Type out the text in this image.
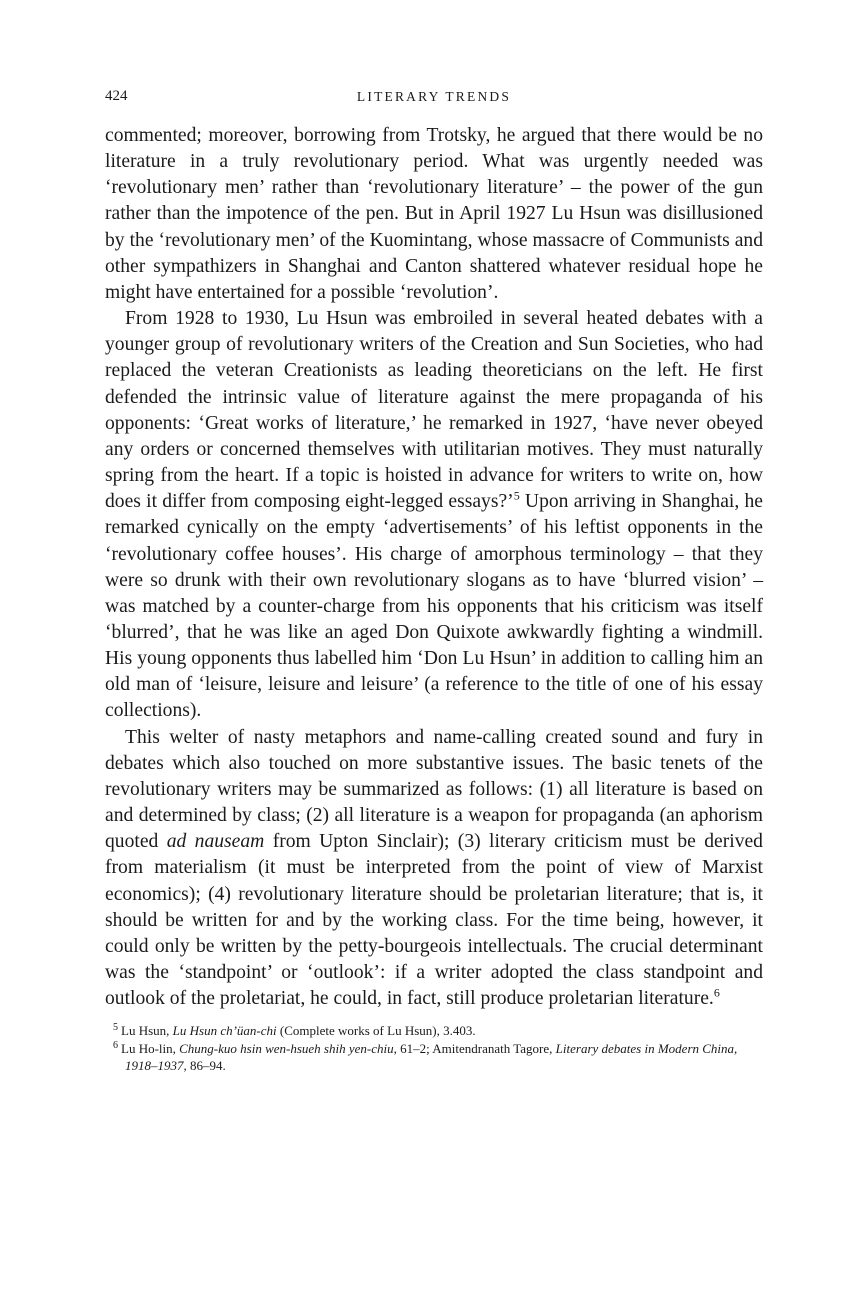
424	LITERARY TRENDS

commented; moreover, borrowing from Trotsky, he argued that there would be no literature in a truly revolutionary period. What was urgently needed was ‘revolutionary men’ rather than ‘revolutionary literature’ – the power of the gun rather than the impotence of the pen. But in April 1927 Lu Hsun was disillusioned by the ‘revolutionary men’ of the Kuomintang, whose massacre of Communists and other sympathizers in Shanghai and Canton shattered whatever residual hope he might have entertained for a possible ‘revolution’.

From 1928 to 1930, Lu Hsun was embroiled in several heated debates with a younger group of revolutionary writers of the Creation and Sun Societies, who had replaced the veteran Creationists as leading theoreticians on the left. He first defended the intrinsic value of literature against the mere propaganda of his opponents: ‘Great works of literature,’ he remarked in 1927, ‘have never obeyed any orders or concerned themselves with utilitarian motives. They must naturally spring from the heart. If a topic is hoisted in advance for writers to write on, how does it differ from composing eight-legged essays?’$^5$ Upon arriving in Shanghai, he remarked cynically on the empty ‘advertisements’ of his leftist opponents in the ‘revolutionary coffee houses’. His charge of amorphous terminology – that they were so drunk with their own revolutionary slogans as to have ‘blurred vision’ – was matched by a counter-charge from his opponents that his criticism was itself ‘blurred’, that he was like an aged Don Quixote awkwardly fighting a windmill. His young opponents thus labelled him ‘Don Lu Hsun’ in addition to calling him an old man of ‘leisure, leisure and leisure’ (a reference to the title of one of his essay collections).

This welter of nasty metaphors and name-calling created sound and fury in debates which also touched on more substantive issues. The basic tenets of the revolutionary writers may be summarized as follows: (1) all literature is based on and determined by class; (2) all literature is a weapon for propaganda (an aphorism quoted ad nauseam from Upton Sinclair); (3) literary criticism must be derived from materialism (it must be interpreted from the point of view of Marxist economics); (4) revolutionary literature should be proletarian literature; that is, it should be written for and by the working class. For the time being, however, it could only be written by the petty-bourgeois intellectuals. The crucial determinant was the ‘standpoint’ or ‘outlook’: if a writer adopted the class standpoint and outlook of the proletariat, he could, in fact, still produce proletarian literature.$^6$

$^5$ Lu Hsun, Lu Hsun ch’üan-chi (Complete works of Lu Hsun), 3.403.
$^6$ Lu Ho-lin, Chung-kuo hsin wen-hsueh shih yen-chiu, 61–2; Amitendranath Tagore, Literary debates in Modern China, 1918–1937, 86–94.
